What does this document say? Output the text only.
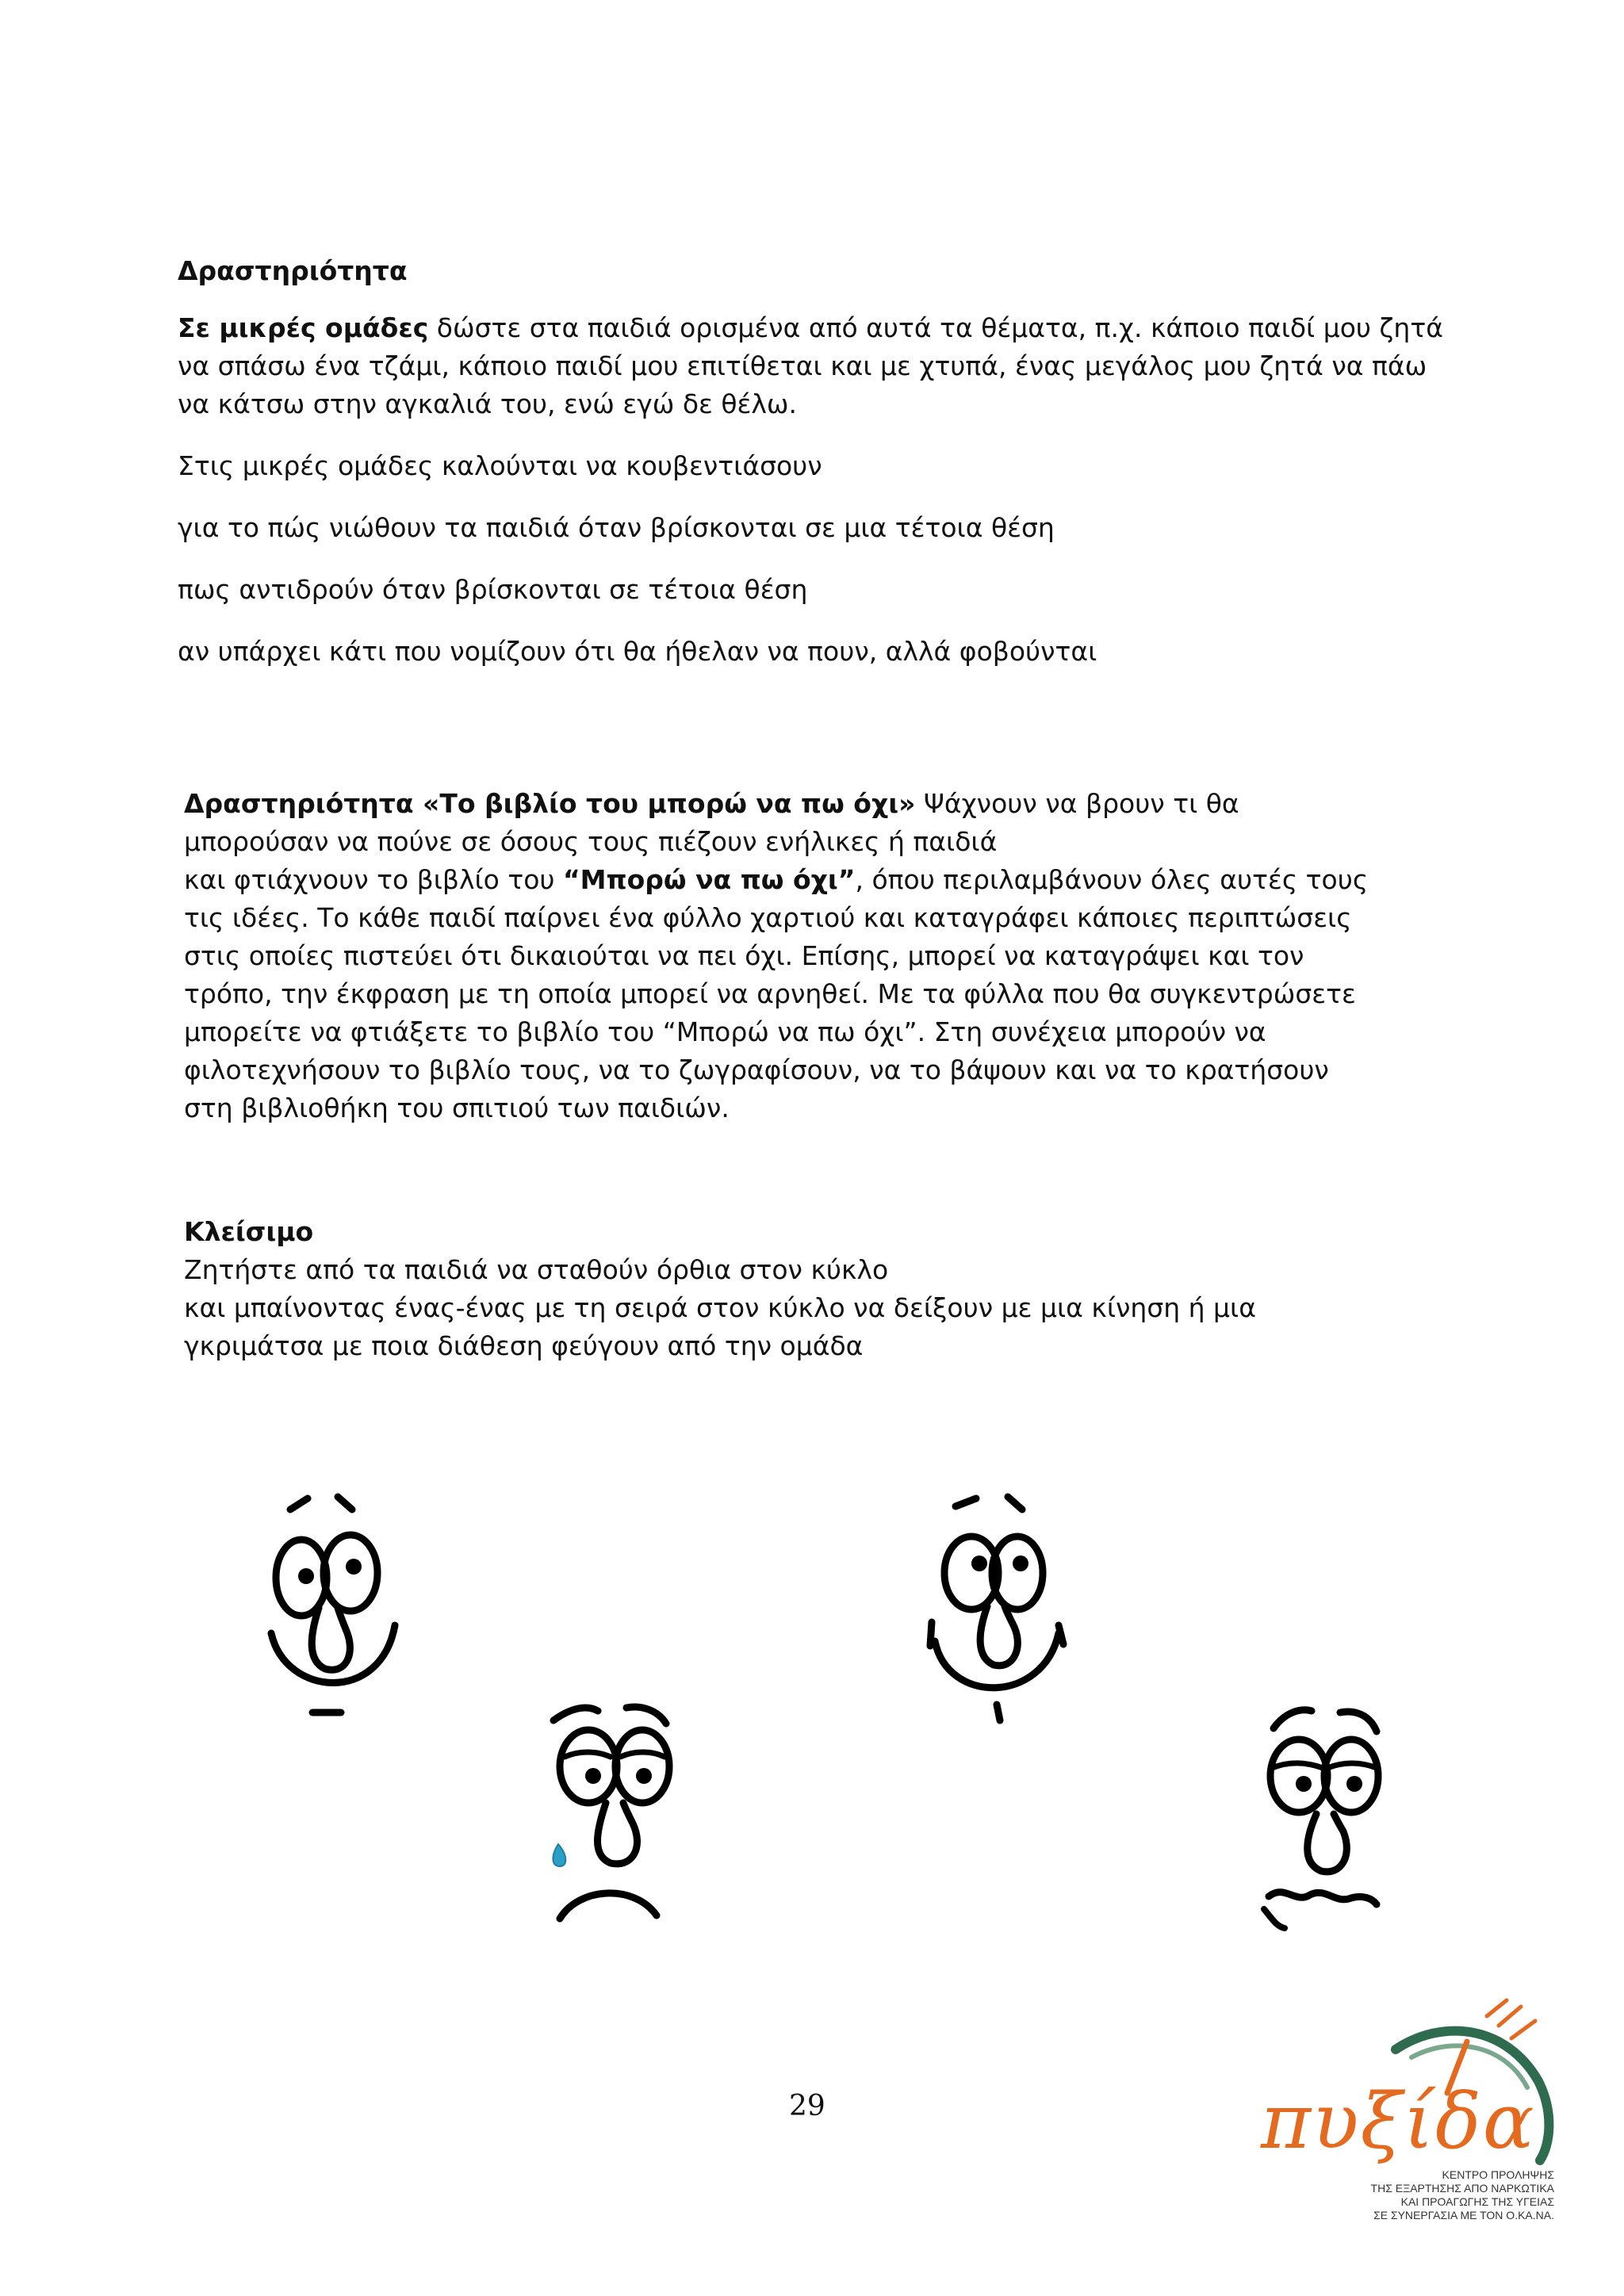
Δραστηριότητα

Σε μικρές ομάδες δώστε στα παιδιά ορισμένα από αυτά τα θέματα, π.χ. κάποιο παιδί μου ζητά

να σπάσω ένα τζάμι, κάποιο παιδί μου επιτίθεται και με χτυπά, ένας μεγάλος μου ζητά να πάω

να κάτσω στην αγκαλιά του, ενώ εγώ δε θέλω.

Στις μικρές ομάδες καλούνται να κουβεντιάσουν

για το πώς νιώθουν τα παιδιά όταν βρίσκονται σε μια τέτοια θέση

πως αντιδρούν όταν βρίσκονται σε τέτοια θέση

αν υπάρχει κάτι που νομίζουν ότι θα ήθελαν να πουν, αλλά φοβούνται

Δραστηριότητα «Το βιβλίο του μπορώ να πω όχι» Ψάχνουν να βρουν τι θα

μπορούσαν να πούνε σε όσους τους πιέζουν ενήλικες ή παιδιά

και φτιάχνουν το βιβλίο του “Μπορώ να πω όχι”, όπου περιλαμβάνουν όλες αυτές τους

τις ιδέες. Το κάθε παιδί παίρνει ένα φύλλο χαρτιού και καταγράφει κάποιες περιπτώσεις

στις οποίες πιστεύει ότι δικαιούται να πει όχι. Επίσης, μπορεί να καταγράψει και τον

τρόπο, την έκφραση με τη οποία μπορεί να αρνηθεί. Με τα φύλλα που θα συγκεντρώσετε

μπορείτε να φτιάξετε το βιβλίο του “Μπορώ να πω όχι”. Στη συνέχεια μπορούν να

φιλοτεχνήσουν το βιβλίο τους, να το ζωγραφίσουν, να το βάψουν και να το κρατήσουν

στη βιβλιοθήκη του σπιτιού των παιδιών.

Κλείσιμο

Ζητήστε από τα παιδιά να σταθούν όρθια στον κύκλο

και μπαίνοντας ένας-ένας με τη σειρά στον κύκλο να δείξουν με μια κίνηση ή μια

γκριμάτσα με ποια διάθεση φεύγουν από την ομάδα

29	πυξίδα
ΚΕΝΤΡΟ ΠΡΟΛΗΨΗΣ
ΤΗΣ ΕΞΑΡΤΗΣΗΣ ΑΠΟ ΝΑΡΚΩΤΙΚΑ
ΚΑΙ ΠΡΟΑΓΩΓΗΣ ΤΗΣ ΥΓΕΙΑΣ
ΣΕ ΣΥΝΕΡΓΑΣΙΑ ΜΕ ΤΟΝ Ο.ΚΑ.ΝΑ.
